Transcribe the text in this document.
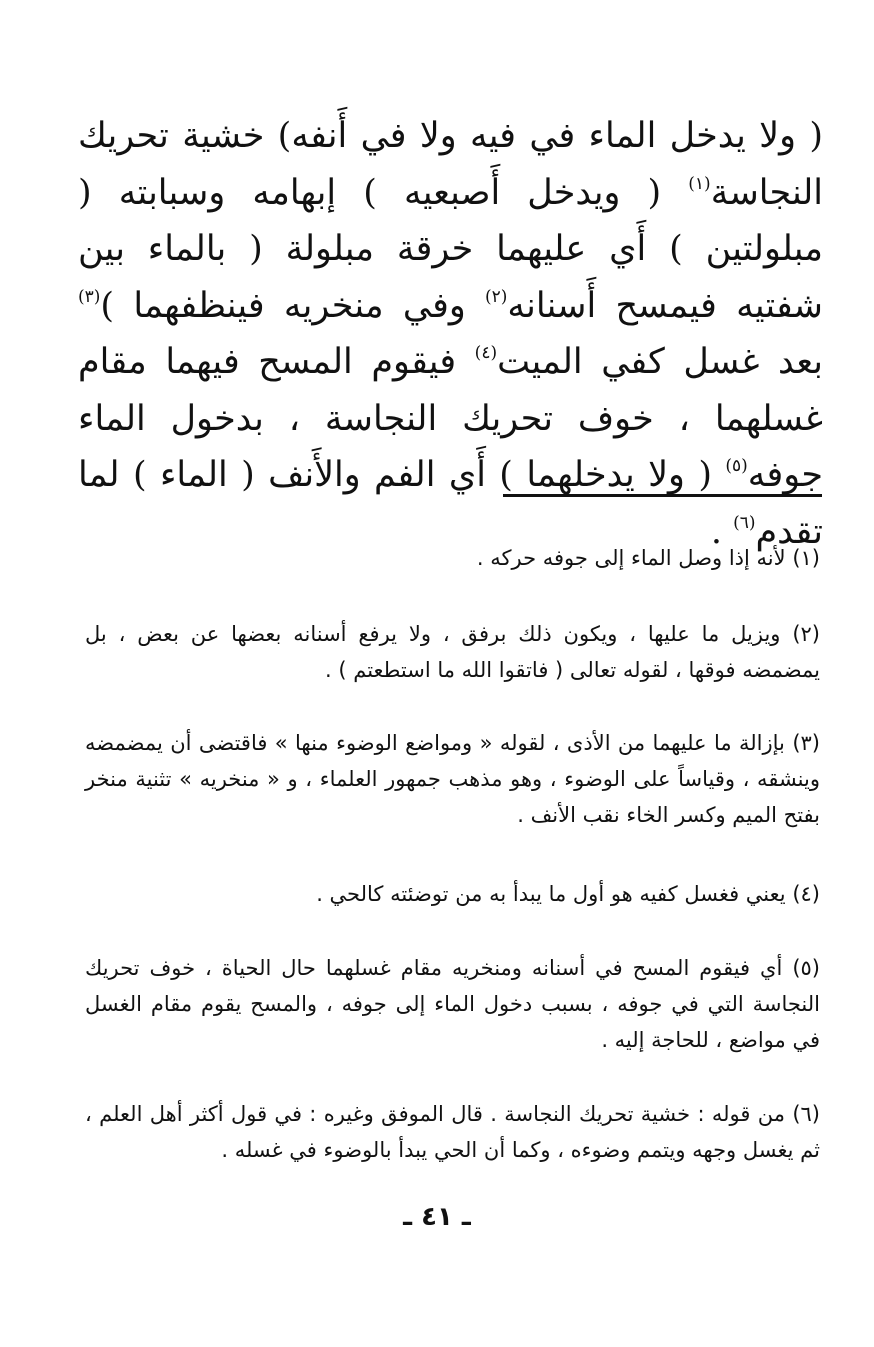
( ولا يدخل الماء في فيه ولا في أَنفه) خشية تحريك النجاسة$^{(١)}$ ( ويدخل أَصبعيه ) إبهامه وسبابته ( مبلولتين ) أَي عليهما خرقة مبلولة ( بالماء بين شفتيه فيمسح أَسنانه$^{(٢)}$ وفي منخريه فينظفهما )$^{(٣)}$ بعد غسل كفي الميت$^{(٤)}$ فيقوم المسح فيهما مقام غسلهما ، خوف تحريك النجاسة ، بدخول الماء جوفه$^{(٥)}$ ( ولا يدخلهما ) أَي الفم والأَنف ( الماء ) لما تقدم$^{(٦)}$ .

(١) لأنه إذا وصل الماء إلى جوفه حركه .

(٢) ويزيل ما عليها ، ويكون ذلك برفق ، ولا يرفع أسنانه بعضها عن بعض ، بل يمضمضه فوقها ، لقوله تعالى ( فاتقوا الله ما استطعتم ) .

(٣) بإزالة ما عليهما من الأذى ، لقوله « ومواضع الوضوء منها » فاقتضى أن يمضمضه وينشقه ، وقياساً على الوضوء ، وهو مذهب جمهور العلماء ، و « منخريه » تثنية منخر بفتح الميم وكسر الخاء نقب الأنف .

(٤) يعني فغسل كفيه هو أول ما يبدأ به من توضئته كالحي .

(٥) أي فيقوم المسح في أسنانه ومنخريه مقام غسلهما حال الحياة ، خوف تحريك النجاسة التي في جوفه ، بسبب دخول الماء إلى جوفه ، والمسح يقوم مقام الغسل في مواضع ، للحاجة إليه .

(٦) من قوله : خشية تحريك النجاسة . قال الموفق وغيره : في قول أكثر أهل العلم ، ثم يغسل وجهه ويتمم وضوءه ، وكما أن الحي يبدأ بالوضوء في غسله .

ـ ٤١ ـ
